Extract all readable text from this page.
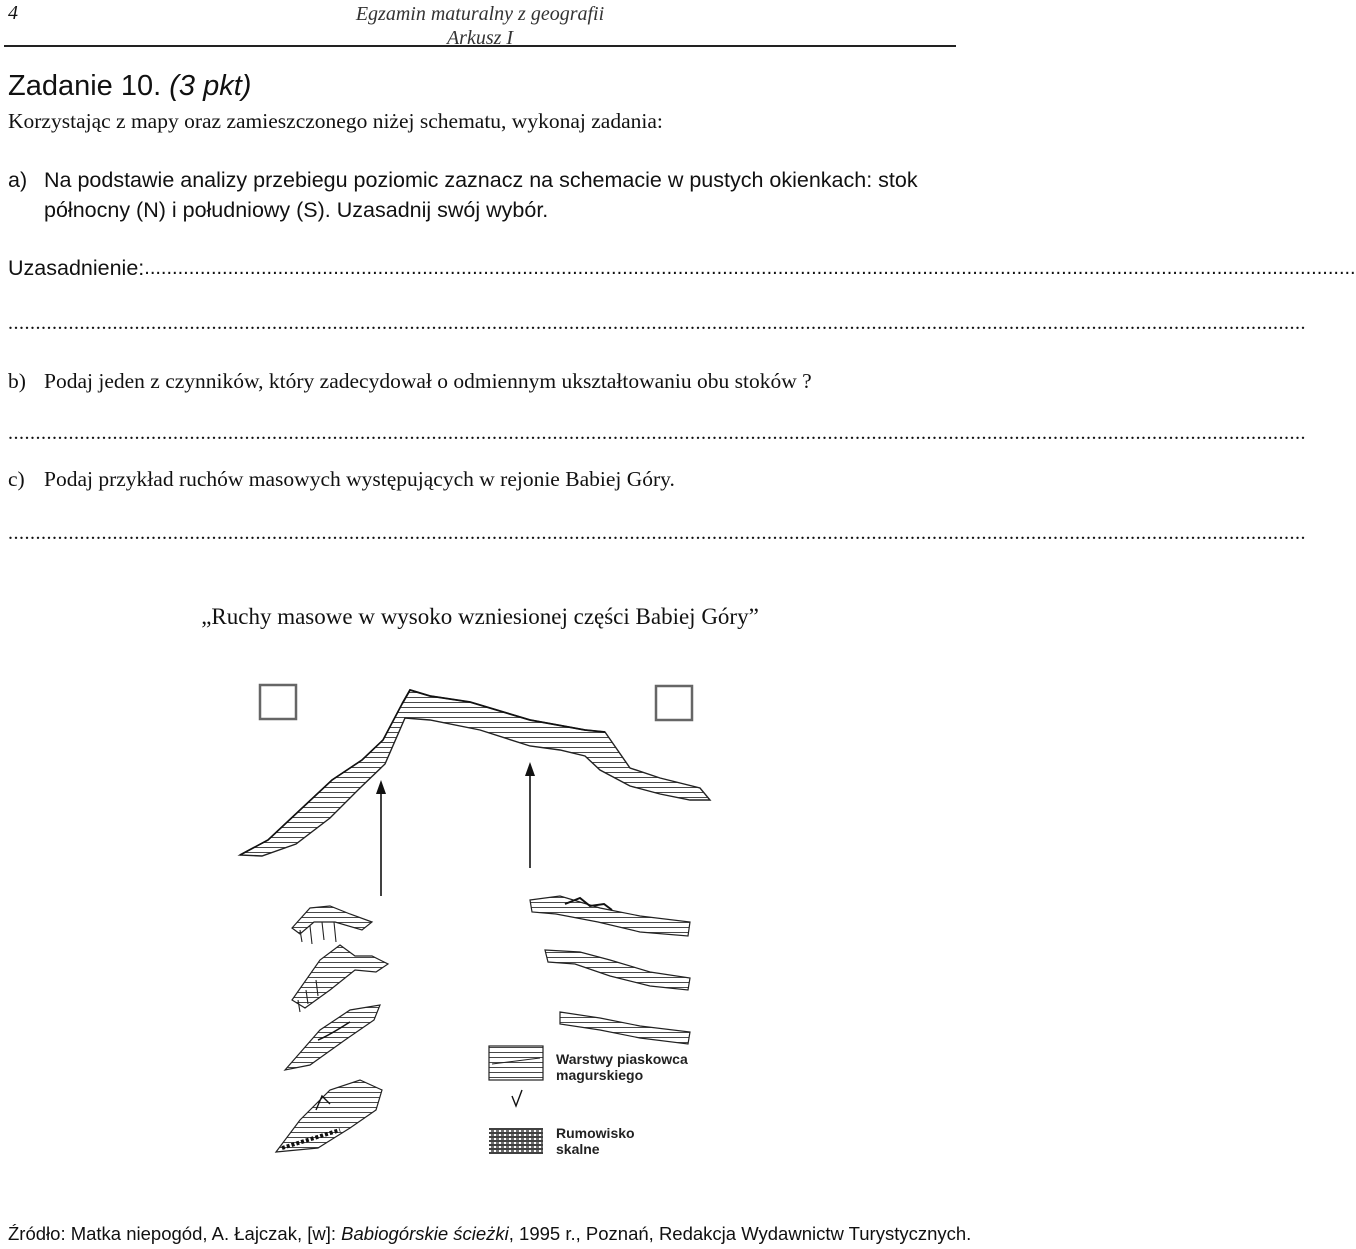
4	Egzamin maturalny z geografii
Arkusz I
Zadanie 10. (3 pkt)
Korzystając z mapy oraz zamieszczonego niżej schematu, wykonaj zadania:
a) Na podstawie analizy przebiegu poziomic zaznacz na schemacie w pustych okienkach: stok północny (N) i południowy (S). Uzasadnij swój wybór.
Uzasadnienie: ..........................................................................................................................................................................................................................
............................................................................................................................................................................................................................................
b) Podaj jeden z czynników, który zadecydował o odmiennym ukształtowaniu obu stoków ?
............................................................................................................................................................................................................................................
c) Podaj przykład ruchów masowych występujących w rejonie Babiej Góry.
............................................................................................................................................................................................................................................
„Ruchy masowe w wysoko wzniesionej części Babiej Góry”
Warstwy piaskowca
magurskiego
Rumowisko
skalne
Źródło: Matka niepogód, A. Łajczak, [w]: Babiogórskie ścieżki, 1995 r., Poznań, Redakcja Wydawnictw Turystycznych.
